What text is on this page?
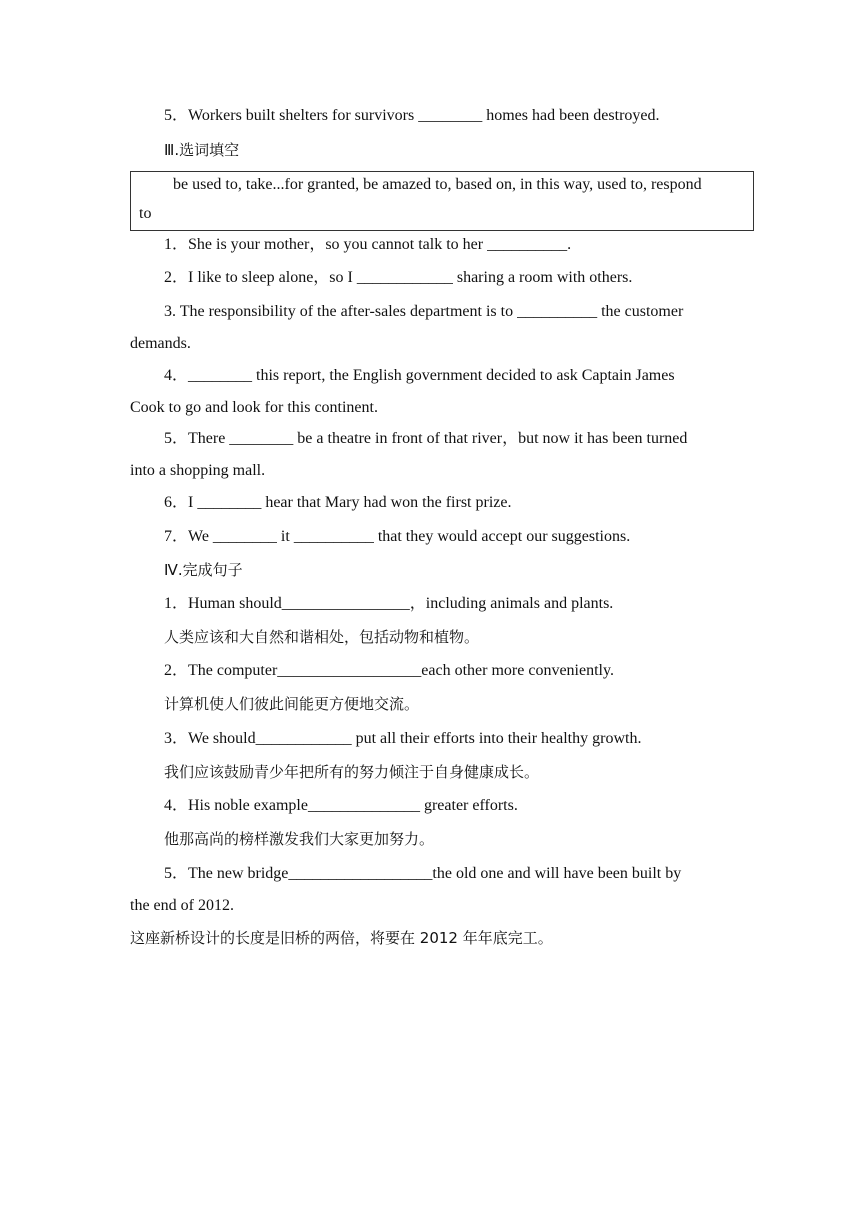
5．Workers built shelters for survivors ________ homes had been destroyed.
Ⅲ.选词填空
be used to, take...for granted, be amazed to, based on, in this way, used to, respond
to
1．She is your mother，so you cannot talk to her __________.
2．I like to sleep alone，so I ____________ sharing a room with others.
3. The responsibility of the after-sales department is to __________ the customer
demands.
4．________ this report, the English government decided to ask Captain James
Cook to go and look for this continent.
5．There ________ be a theatre in front of that river，but now it has been turned
into a shopping mall.
6．I ________ hear that Mary had won the first prize.
7．We ________ it __________ that they would accept our suggestions.
Ⅳ.完成句子
1．Human should________________，including animals and plants.
人类应该和大自然和谐相处，包括动物和植物。
2．The computer__________________each other more conveniently.
计算机使人们彼此间能更方便地交流。
3．We should____________ put all their efforts into their healthy growth.
我们应该鼓励青少年把所有的努力倾注于自身健康成长。
4．His noble example______________ greater efforts.
他那高尚的榜样激发我们大家更加努力。
5．The new bridge__________________the old one and will have been built by
the end of 2012.
这座新桥设计的长度是旧桥的两倍，将要在 2012 年年底完工。
